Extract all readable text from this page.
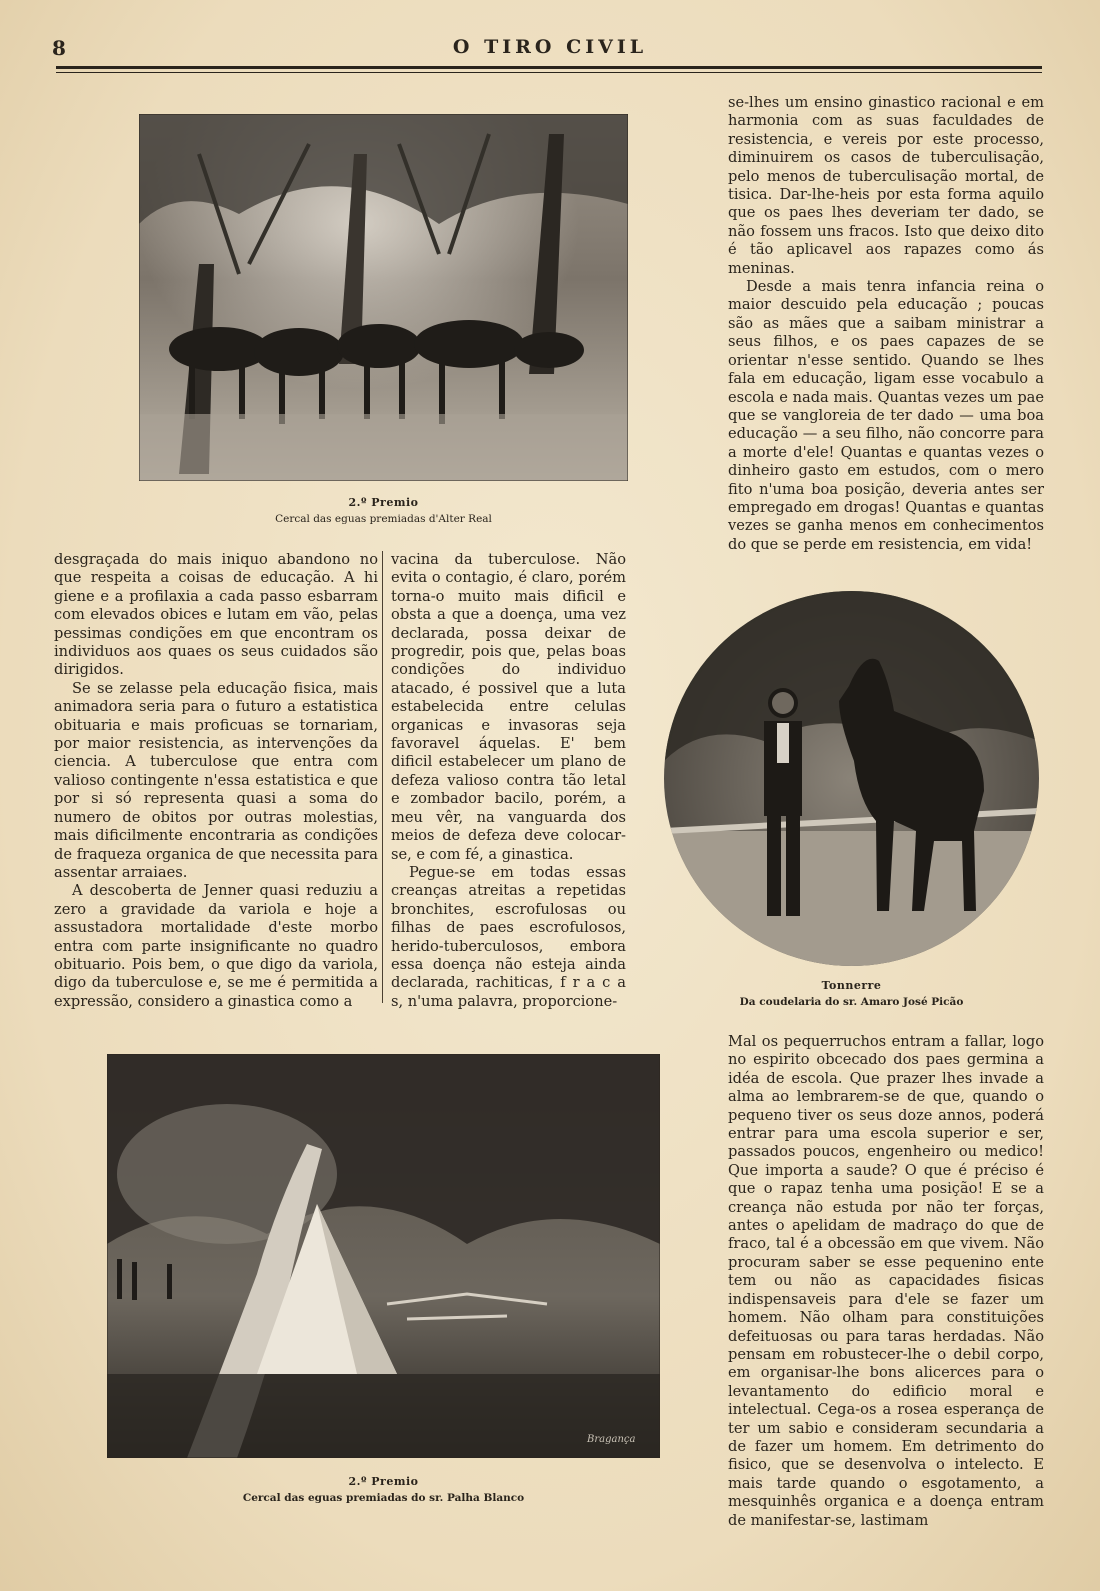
8	O TIRO CIVIL
2.º Premio
Cercal das eguas premiadas d'Alter Real

desgraçada do mais iniquo abandono no que respeita a coisas de educação. A hi giene e a profilaxia a cada passo esbarram com elevados obices e lutam em vão, pelas pessimas condições em que encontram os individuos aos quaes os seus cuidados são dirigidos.

Se se zelasse pela educação fisica, mais animadora seria para o futuro a estatistica obituaria e mais proficuas se tornariam, por maior resistencia, as intervenções da ciencia. A tuberculose que entra com valioso contingente n'essa estatistica e que por si só representa quasi a soma do numero de obitos por outras molestias, mais dificilmente encontraria as condições de fraqueza organica de que necessita para assentar arraiaes.

A descoberta de Jenner quasi reduziu a zero a gravidade da variola e hoje a assustadora mortalidade d'este morbo entra com parte insignificante no quadro obituario. Pois bem, o que digo da variola, digo da tuberculose e, se me é permitida a expressão, considero a ginastica como a

vacina da tuberculose. Não evita o contagio, é claro, porém torna-o muito mais dificil e obsta a que a doença, uma vez declarada, possa deixar de progredir, pois que, pelas boas condições do individuo atacado, é possivel que a luta estabelecida entre celulas organicas e invasoras seja favoravel áquelas. E' bem dificil estabelecer um plano de defeza valioso contra tão letal e zombador bacilo, porém, a meu vêr, na vanguarda dos meios de defeza deve colocar-se, e com fé, a ginastica.

Pegue-se em todas essas creanças atreitas a repetidas bronchites, escrofulosas ou filhas de paes escrofulosos, herido-tuberculosos, embora essa doença não esteja ainda declarada, rachiticas, f r a c a s, n'uma palavra, proporcione-

se-lhes um ensino ginastico racional e em harmonia com as suas faculdades de resistencia, e vereis por este processo, diminuirem os casos de tuberculisação, pelo menos de tuberculisação mortal, de tisica. Dar-lhe-heis por esta forma aquilo que os paes lhes deveriam ter dado, se não fossem uns fracos. Isto que deixo dito é tão aplicavel aos rapazes como ás meninas.

Desde a mais tenra infancia reina o maior descuido pela educação ; poucas são as mães que a saibam ministrar a seus filhos, e os paes capazes de se orientar n'esse sentido. Quando se lhes fala em educação, ligam esse vocabulo a escola e nada mais. Quantas vezes um pae que se vangloreia de ter dado — uma boa educação — a seu filho, não concorre para a morte d'ele! Quantas e quantas vezes o dinheiro gasto em estudos, com o mero fito n'uma boa posição, deveria antes ser empregado em drogas! Quantas e quantas vezes se ganha menos em conhecimentos do que se perde em resistencia, em vida!

Tonnerre
Da coudelaria do sr. Amaro José Picão
Bragança
2.º Premio
Cercal das eguas premiadas do sr. Palha Blanco

Mal os pequerruchos entram a fallar, logo no espirito obcecado dos paes germina a idéa de escola. Que prazer lhes invade a alma ao lembrarem-se de que, quando o pequeno tiver os seus doze annos, poderá entrar para uma escola superior e ser, passados poucos, engenheiro ou medico! Que importa a saude? O que é préciso é que o rapaz tenha uma posição! E se a creança não estuda por não ter forças, antes o apelidam de madraço do que de fraco, tal é a obcessão em que vivem. Não procuram saber se esse pequenino ente tem ou não as capacidades fisicas indispensaveis para d'ele se fazer um homem. Não olham para constituições defeituosas ou para taras herdadas. Não pensam em robustecer-lhe o debil corpo, em organisar-lhe bons alicerces para o levantamento do edificio moral e intelectual. Cega-os a rosea esperança de ter um sabio e consideram secundaria a de fazer um homem. Em detrimento do fisico, que se desenvolva o intelecto. E mais tarde quando o esgotamento, a mesquinhês organica e a doença entram de manifestar-se, lastimam
